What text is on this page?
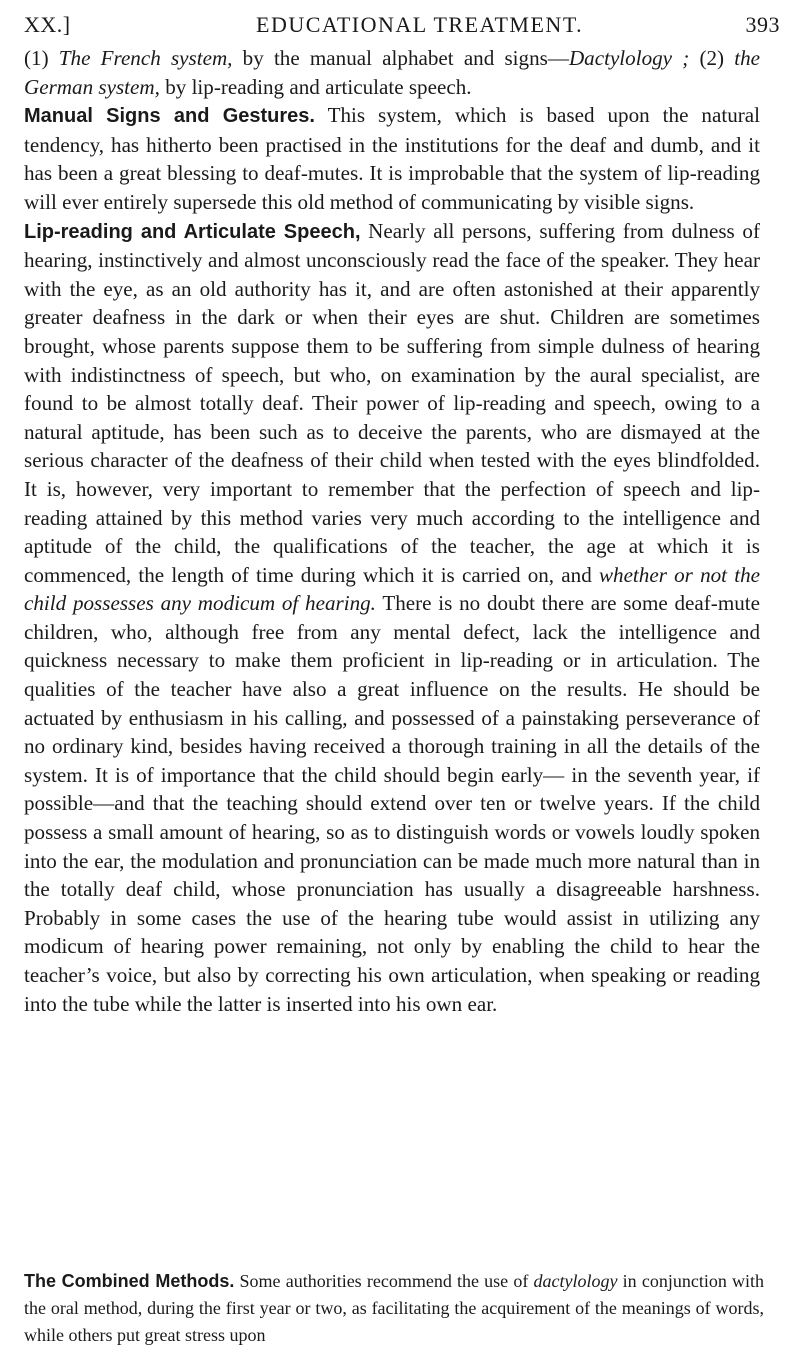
XX.]	EDUCATIONAL TREATMENT.	393

(1) The French system, by the manual alphabet and signs—Dactylology ; (2) the German system, by lip-reading and articulate speech.

Manual Signs and Gestures. This system, which is based upon the natural tendency, has hitherto been practised in the institutions for the deaf and dumb, and it has been a great blessing to deaf-mutes. It is improbable that the system of lip-reading will ever entirely supersede this old method of communicating by visible signs.

Lip-reading and Articulate Speech, Nearly all persons, suffering from dulness of hearing, instinctively and almost unconsciously read the face of the speaker. They hear with the eye, as an old authority has it, and are often astonished at their apparently greater deafness in the dark or when their eyes are shut. Children are sometimes brought, whose parents suppose them to be suffering from simple dulness of hearing with indistinctness of speech, but who, on examination by the aural specialist, are found to be almost totally deaf. Their power of lip-reading and speech, owing to a natural aptitude, has been such as to deceive the parents, who are dismayed at the serious character of the deafness of their child when tested with the eyes blindfolded. It is, however, very important to remember that the perfection of speech and lip-reading attained by this method varies very much according to the intelligence and aptitude of the child, the qualifications of the teacher, the age at which it is commenced, the length of time during which it is carried on, and whether or not the child possesses any modicum of hearing. There is no doubt there are some deaf-mute children, who, although free from any mental defect, lack the intelligence and quickness necessary to make them proficient in lip-reading or in articulation. The qualities of the teacher have also a great influence on the results. He should be actuated by enthusiasm in his calling, and possessed of a painstaking perseverance of no ordinary kind, besides having received a thorough training in all the details of the system. It is of importance that the child should begin early— in the seventh year, if possible—and that the teaching should extend over ten or twelve years. If the child possess a small amount of hearing, so as to distinguish words or vowels loudly spoken into the ear, the modulation and pronunciation can be made much more natural than in the totally deaf child, whose pronunciation has usually a disagreeable harshness. Probably in some cases the use of the hearing tube would assist in utilizing any modicum of hearing power remaining, not only by enabling the child to hear the teacher’s voice, but also by correcting his own articulation, when speaking or reading into the tube while the latter is inserted into his own ear.

The Combined Methods. Some authorities recommend the use of dactylology in conjunction with the oral method, during the first year or two, as facilitating the acquirement of the meanings of words, while others put great stress upon
